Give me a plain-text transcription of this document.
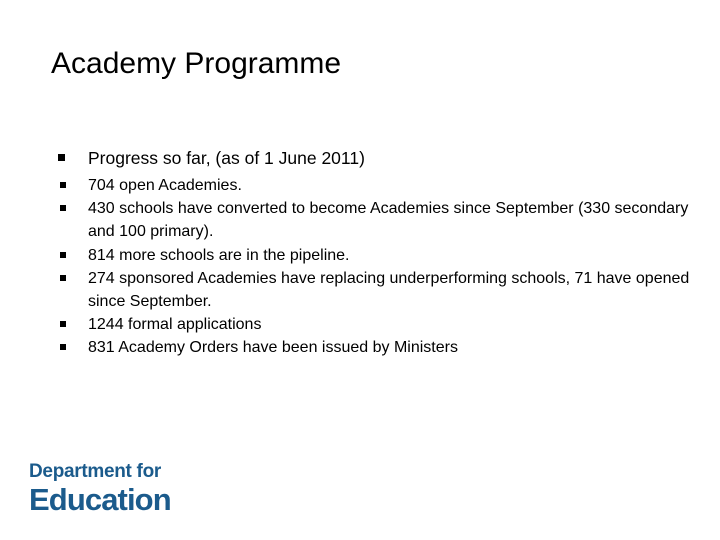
Academy Programme
Progress so far, (as of 1 June 2011)
704 open Academies.
430 schools have converted to become Academies since September (330 secondary and 100 primary).
814 more schools are in the pipeline.
274 sponsored Academies have replacing underperforming schools, 71 have opened since September.
1244 formal applications
831 Academy Orders have been issued by Ministers
Department for
Education
